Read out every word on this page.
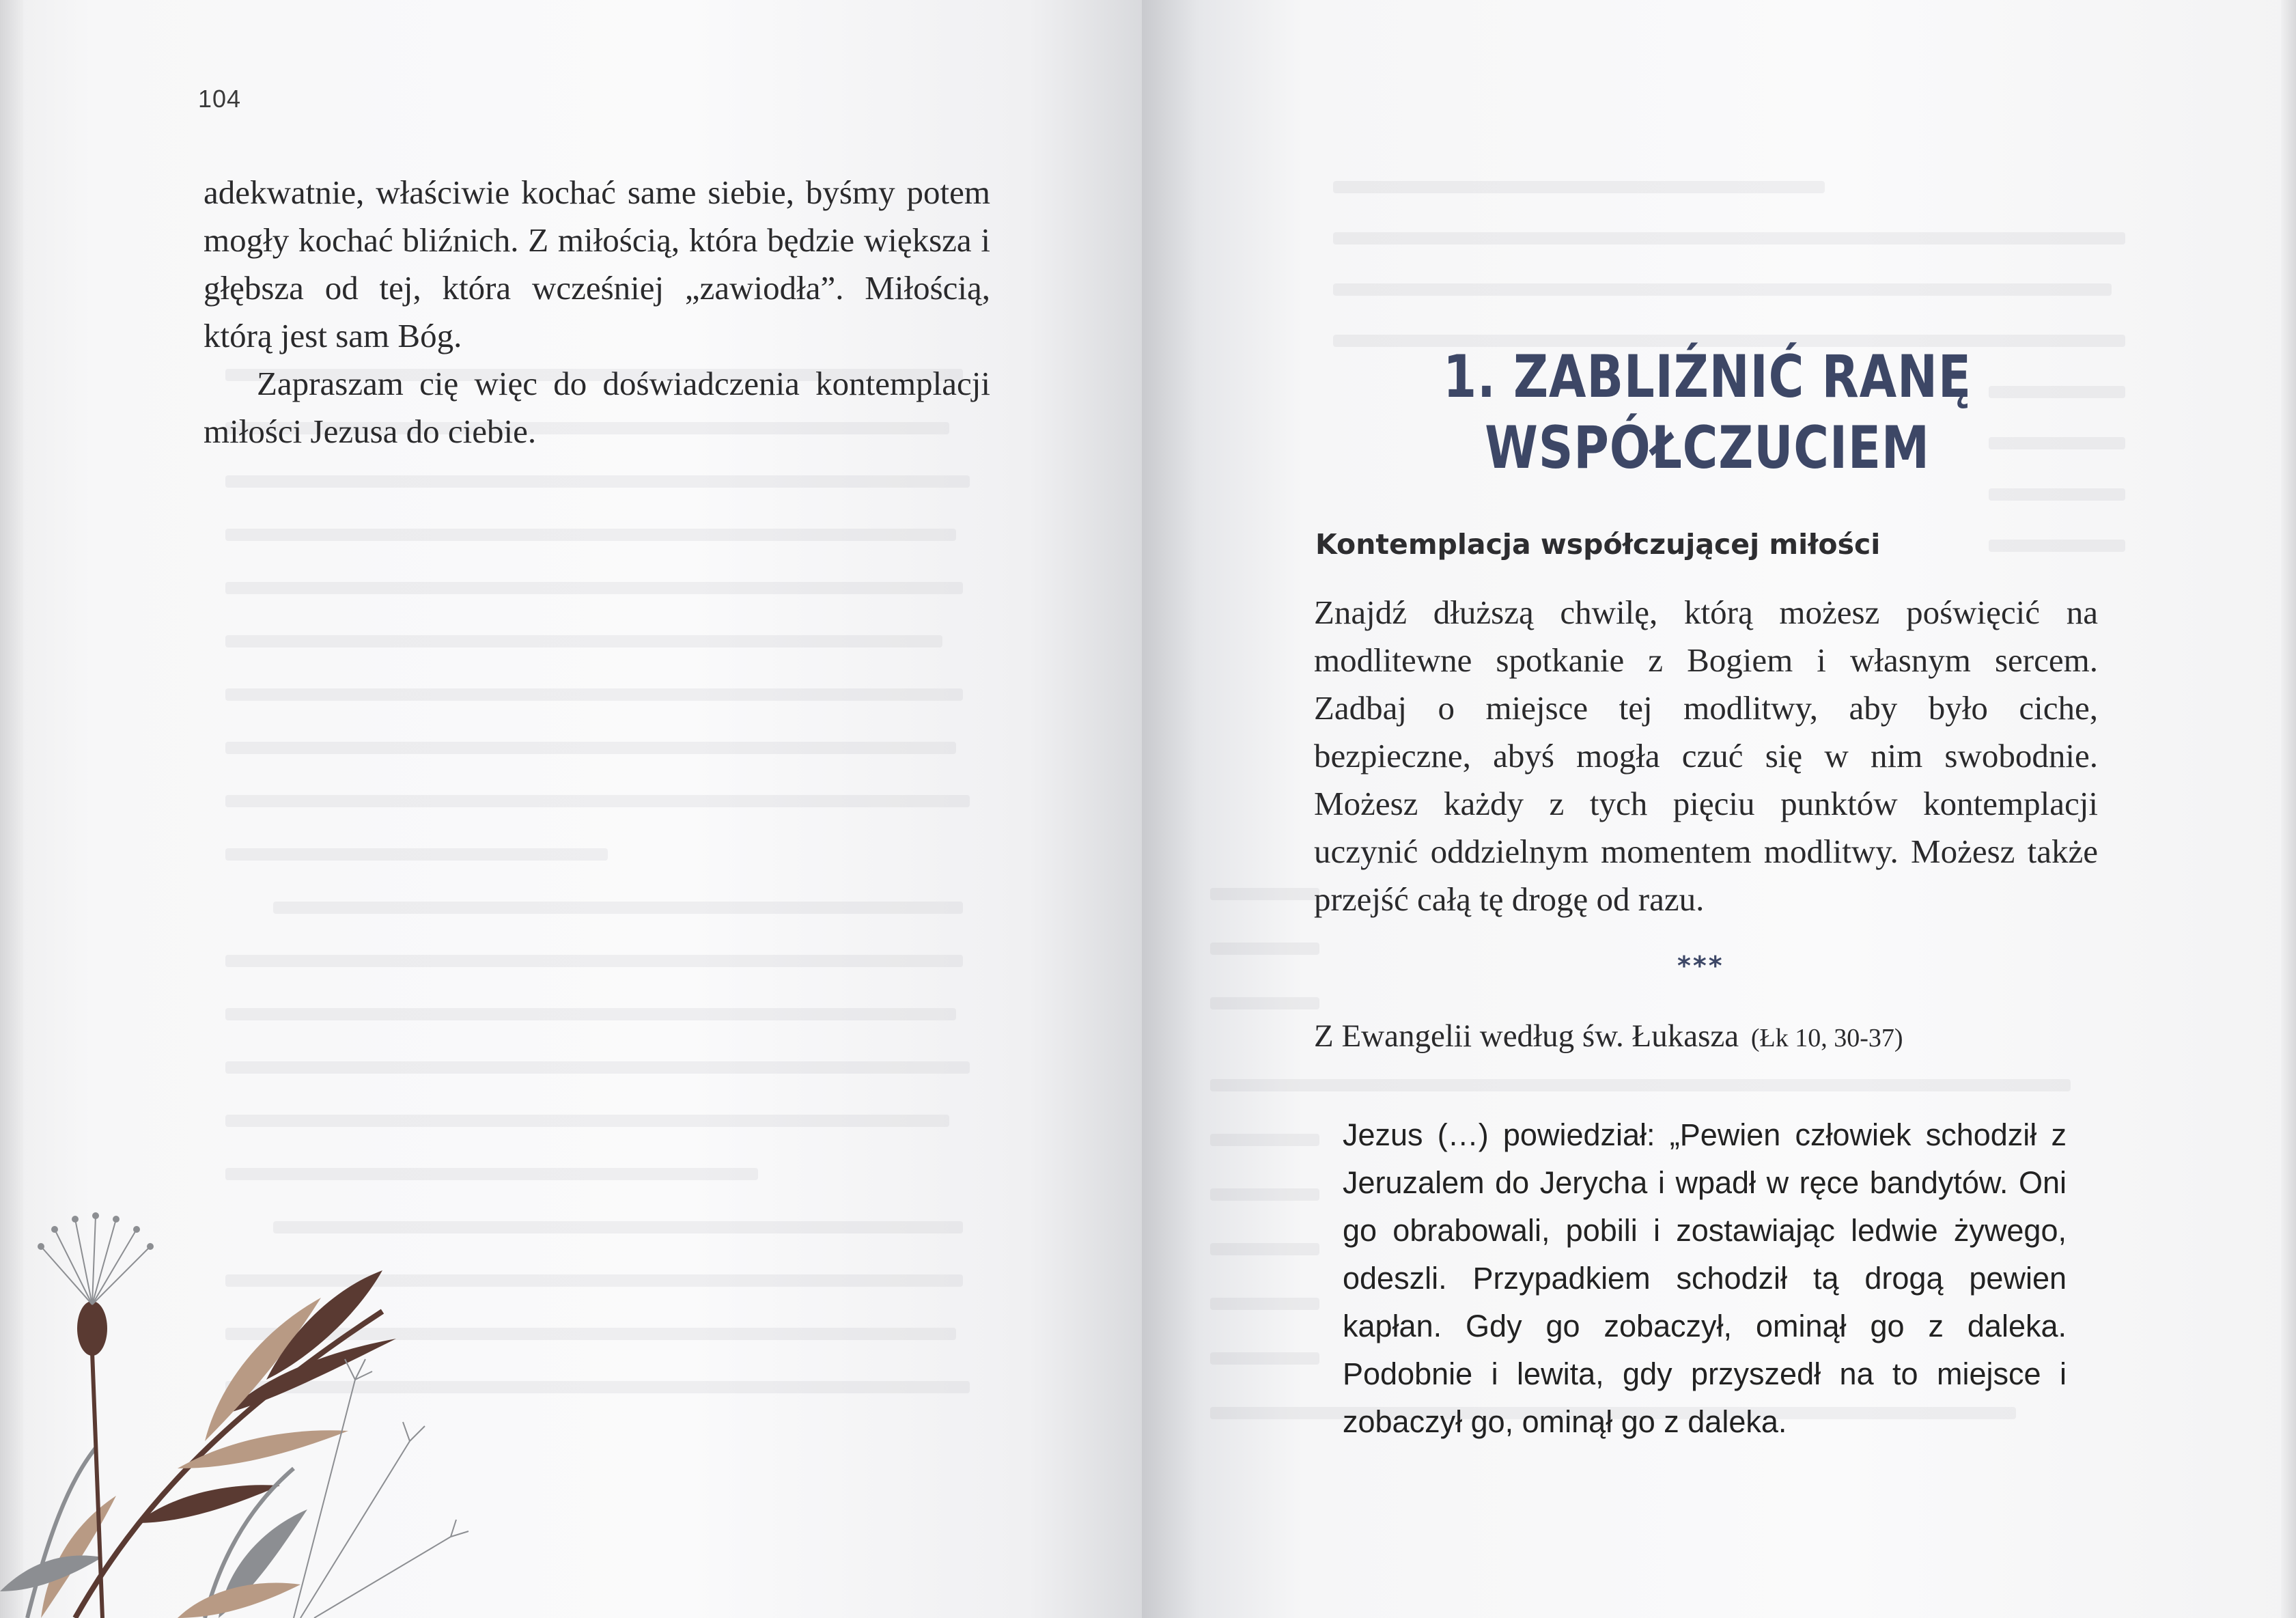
104

adekwatnie, właściwie kochać same siebie, byśmy potem mogły kochać bliźnich. Z miłością, która będzie większa i głębsza od tej, która wcześniej „zawiodła”. Miłością, którą jest sam Bóg.

Zapraszam cię więc do doświadczenia kontemplacji miłości Jezusa do ciebie.

1. ZABLIŹNIĆ RANĘ
WSPÓŁCZUCIEM
Kontemplacja współczującej miłości

Znajdź dłuższą chwilę, którą możesz poświęcić na modlitewne spotkanie z Bogiem i własnym sercem. Zadbaj o miejsce tej modlitwy, aby było ciche, bezpieczne, abyś mogła czuć się w nim swobodnie. Możesz każdy z tych pięciu punktów kontemplacji uczynić oddzielnym momentem modlitwy. Możesz także przejść całą tę drogę od razu.

***
Z Ewangelii według św. Łukasza (Łk 10, 30-37)
Jezus (…) powiedział: „Pewien człowiek schodził z Jeruzalem do Jerycha i wpadł w ręce bandytów. Oni go obrabowali, pobili i zostawiając ledwie żywego, odeszli. Przypadkiem schodził tą drogą pewien kapłan. Gdy go zobaczył, ominął go z daleka. Podobnie i lewita, gdy przyszedł na to miejsce i zobaczył go, ominął go z daleka.
